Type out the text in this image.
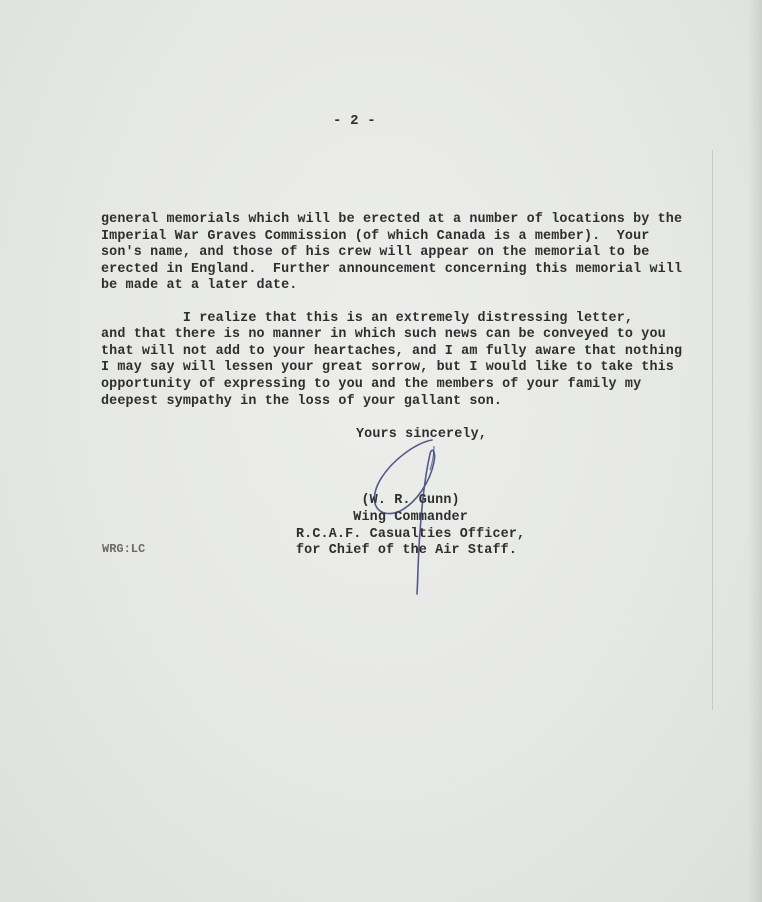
- 2 -
general memorials which will be erected at a number of locations by the
Imperial War Graves Commission (of which Canada is a member).  Your
son's name, and those of his crew will appear on the memorial to be
erected in England.  Further announcement concerning this memorial will
be made at a later date.
I realize that this is an extremely distressing letter,
and that there is no manner in which such news can be conveyed to you
that will not add to your heartaches, and I am fully aware that nothing
I may say will lessen your great sorrow, but I would like to take this
opportunity of expressing to you and the members of your family my
deepest sympathy in the loss of your gallant son.
Yours sincerely,
(W. R. Gunn)
Wing Commander
R.C.A.F. Casualties Officer,
for Chief of the Air Staff.
WRG:LC
